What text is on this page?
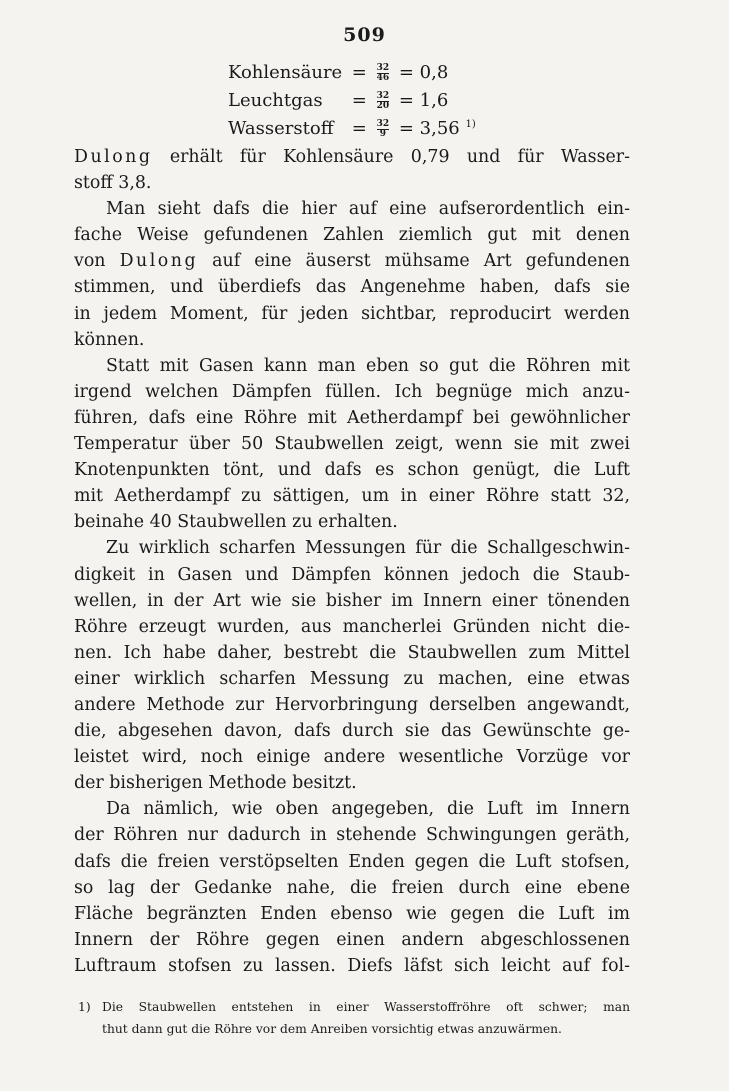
509
Kohlensäure = $\frac{32}{46} = 0,8$
Leuchtgas = $\frac{32}{20} = 1,6$
Wasserstoff = $\frac{32}{9} = 3,56$ $^{1)}$
Dulong erhält für Kohlensäure 0,79 und für Wasser-
stoff 3,8.
Man sieht dafs die hier auf eine aufserordentlich ein-
fache Weise gefundenen Zahlen ziemlich gut mit denen
von Dulong auf eine äuserst mühsame Art gefundenen
stimmen, und überdiefs das Angenehme haben, dafs sie
in jedem Moment, für jeden sichtbar, reproducirt werden
können.
Statt mit Gasen kann man eben so gut die Röhren mit
irgend welchen Dämpfen füllen. Ich begnüge mich anzu-
führen, dafs eine Röhre mit Aetherdampf bei gewöhnlicher
Temperatur über 50 Staubwellen zeigt, wenn sie mit zwei
Knotenpunkten tönt, und dafs es schon genügt, die Luft
mit Aetherdampf zu sättigen, um in einer Röhre statt 32,
beinahe 40 Staubwellen zu erhalten.
Zu wirklich scharfen Messungen für die Schallgeschwin-
digkeit in Gasen und Dämpfen können jedoch die Staub-
wellen, in der Art wie sie bisher im Innern einer tönenden
Röhre erzeugt wurden, aus mancherlei Gründen nicht die-
nen. Ich habe daher, bestrebt die Staubwellen zum Mittel
einer wirklich scharfen Messung zu machen, eine etwas
andere Methode zur Hervorbringung derselben angewandt,
die, abgesehen davon, dafs durch sie das Gewünschte ge-
leistet wird, noch einige andere wesentliche Vorzüge vor
der bisherigen Methode besitzt.
Da nämlich, wie oben angegeben, die Luft im Innern
der Röhren nur dadurch in stehende Schwingungen geräth,
dafs die freien verstöpselten Enden gegen die Luft stofsen,
so lag der Gedanke nahe, die freien durch eine ebene
Fläche begränzten Enden ebenso wie gegen die Luft im
Innern der Röhre gegen einen andern abgeschlossenen
Luftraum stofsen zu lassen. Diefs läfst sich leicht auf fol-
1) Die Staubwellen entstehen in einer Wasserstoffröhre oft schwer; man
thut dann gut die Röhre vor dem Anreiben vorsichtig etwas anzuwärmen.
